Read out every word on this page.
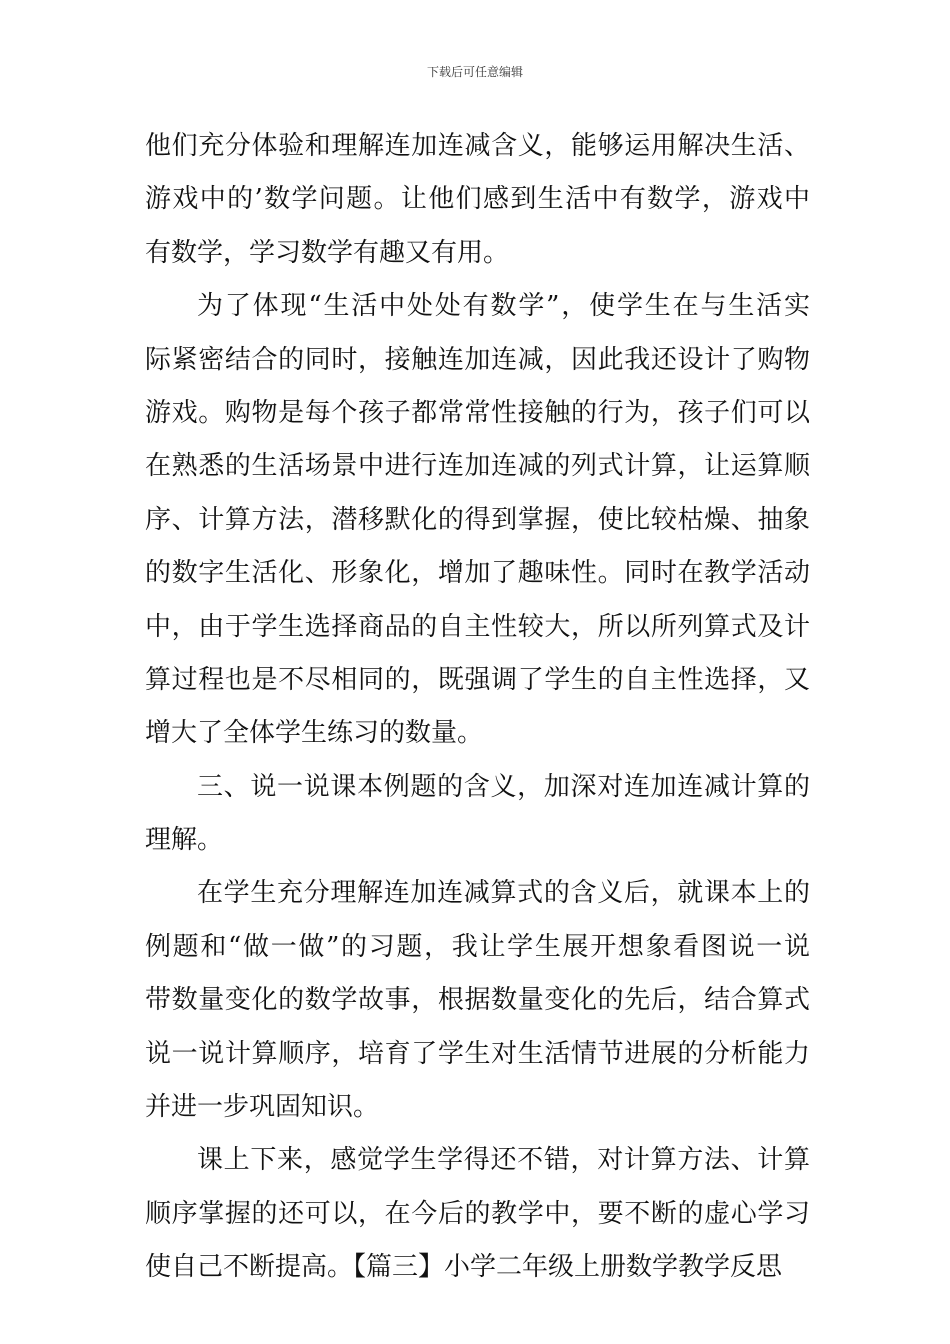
下载后可任意编辑
他们充分体验和理解连加连减含义，能够运用解决生活、
游戏中的’数学问题。让他们感到生活中有数学，游戏中
有数学，学习数学有趣又有用。
为了体现“生活中处处有数学”，使学生在与生活实
际紧密结合的同时，接触连加连减，因此我还设计了购物
游戏。购物是每个孩子都常常性接触的行为，孩子们可以
在熟悉的生活场景中进行连加连减的列式计算，让运算顺
序、计算方法，潜移默化的得到掌握，使比较枯燥、抽象
的数字生活化、形象化，增加了趣味性。同时在教学活动
中，由于学生选择商品的自主性较大，所以所列算式及计
算过程也是不尽相同的，既强调了学生的自主性选择，又
增大了全体学生练习的数量。
三、说一说课本例题的含义，加深对连加连减计算的
理解。
在学生充分理解连加连减算式的含义后，就课本上的
例题和“做一做”的习题，我让学生展开想象看图说一说
带数量变化的数学故事，根据数量变化的先后，结合算式
说一说计算顺序，培育了学生对生活情节进展的分析能力
并进一步巩固知识。
课上下来，感觉学生学得还不错，对计算方法、计算
顺序掌握的还可以，在今后的教学中，要不断的虚心学习
使自己不断提高。【篇三】小学二年级上册数学教学反思
